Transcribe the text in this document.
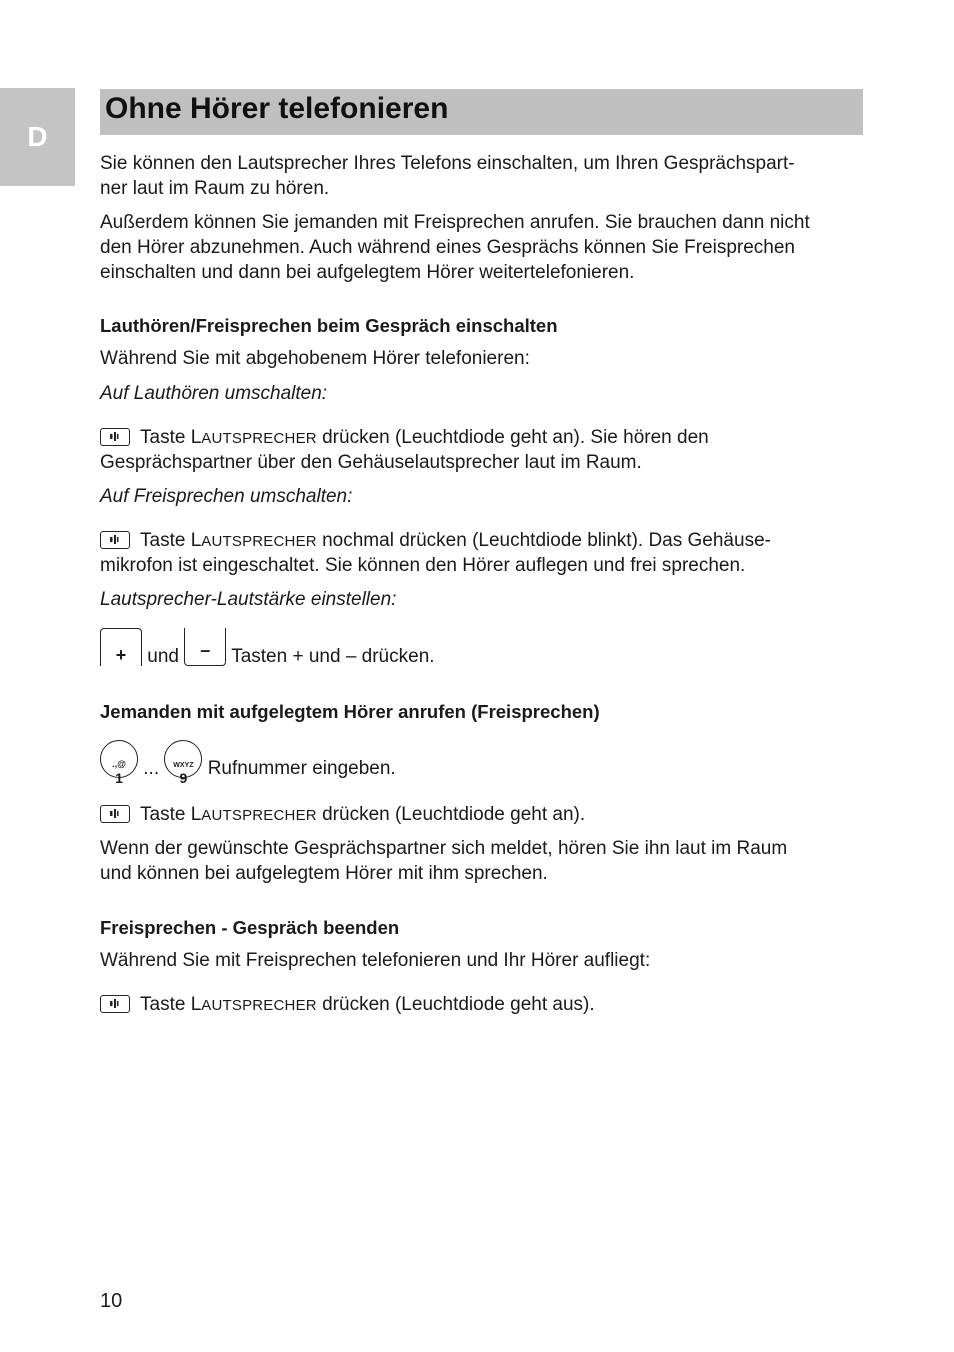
D
Ohne Hörer telefonieren

Sie können den Lautsprecher Ihres Telefons einschalten, um Ihren Gesprächspart-

ner laut im Raum zu hören.

Außerdem können Sie jemanden mit Freisprechen anrufen. Sie brauchen dann nicht

den Hörer abzunehmen. Auch während eines Gesprächs können Sie Freisprechen

einschalten und dann bei aufgelegtem Hörer weitertelefonieren.

Lauthören/Freisprechen beim Gespräch einschalten

Während Sie mit abgehobenem Hörer telefonieren:

Auf Lauthören umschalten:

Taste LAUTSPRECHER drücken (Leuchtdiode geht an). Sie hören den

Gesprächspartner über den Gehäuselautsprecher laut im Raum.

Auf Freisprechen umschalten:

Taste LAUTSPRECHER nochmal drücken (Leuchtdiode blinkt). Das Gehäuse-

mikrofon ist eingeschaltet. Sie können den Hörer auflegen und frei sprechen.

Lautsprecher-Lautstärke einstellen:

+	und	–	Tasten + und – drücken.

Jemanden mit aufgelegtem Hörer anrufen (Freisprechen)

.,@
1	...	WXYZ
9	Rufnummer eingeben.

Taste LAUTSPRECHER drücken (Leuchtdiode geht an).

Wenn der gewünschte Gesprächspartner sich meldet, hören Sie ihn laut im Raum

und können bei aufgelegtem Hörer mit ihm sprechen.

Freisprechen - Gespräch beenden

Während Sie mit Freisprechen telefonieren und Ihr Hörer aufliegt:

Taste LAUTSPRECHER drücken (Leuchtdiode geht aus).

10
